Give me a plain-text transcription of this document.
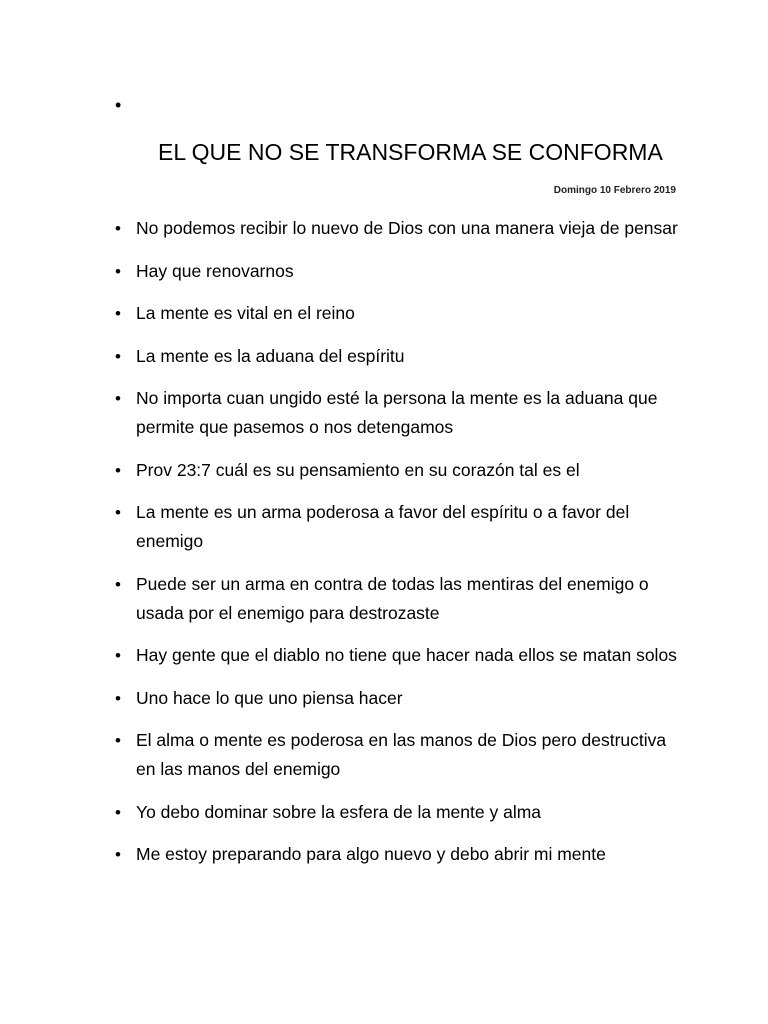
•
EL QUE NO SE TRANSFORMA SE CONFORMA
Domingo 10 Febrero 2019
• No podemos recibir lo nuevo de Dios con una manera vieja de pensar
• Hay que renovarnos
• La mente es vital en el reino
• La mente es la aduana del espíritu
• No importa cuan ungido esté la persona la mente es la aduana que permite que pasemos o nos detengamos
• Prov 23:7 cuál es su pensamiento en su corazón tal es el
• La mente es un arma poderosa a favor del espíritu o a favor del enemigo
• Puede ser un arma en contra de todas las mentiras del enemigo o usada por el enemigo para destrozaste
• Hay gente que el diablo no tiene que hacer nada ellos se matan solos
• Uno hace lo que uno piensa hacer
• El alma o mente es poderosa en las manos de Dios pero destructiva en las manos del enemigo
• Yo debo dominar sobre la esfera de la mente y alma
• Me estoy preparando para algo nuevo y debo abrir mi mente
